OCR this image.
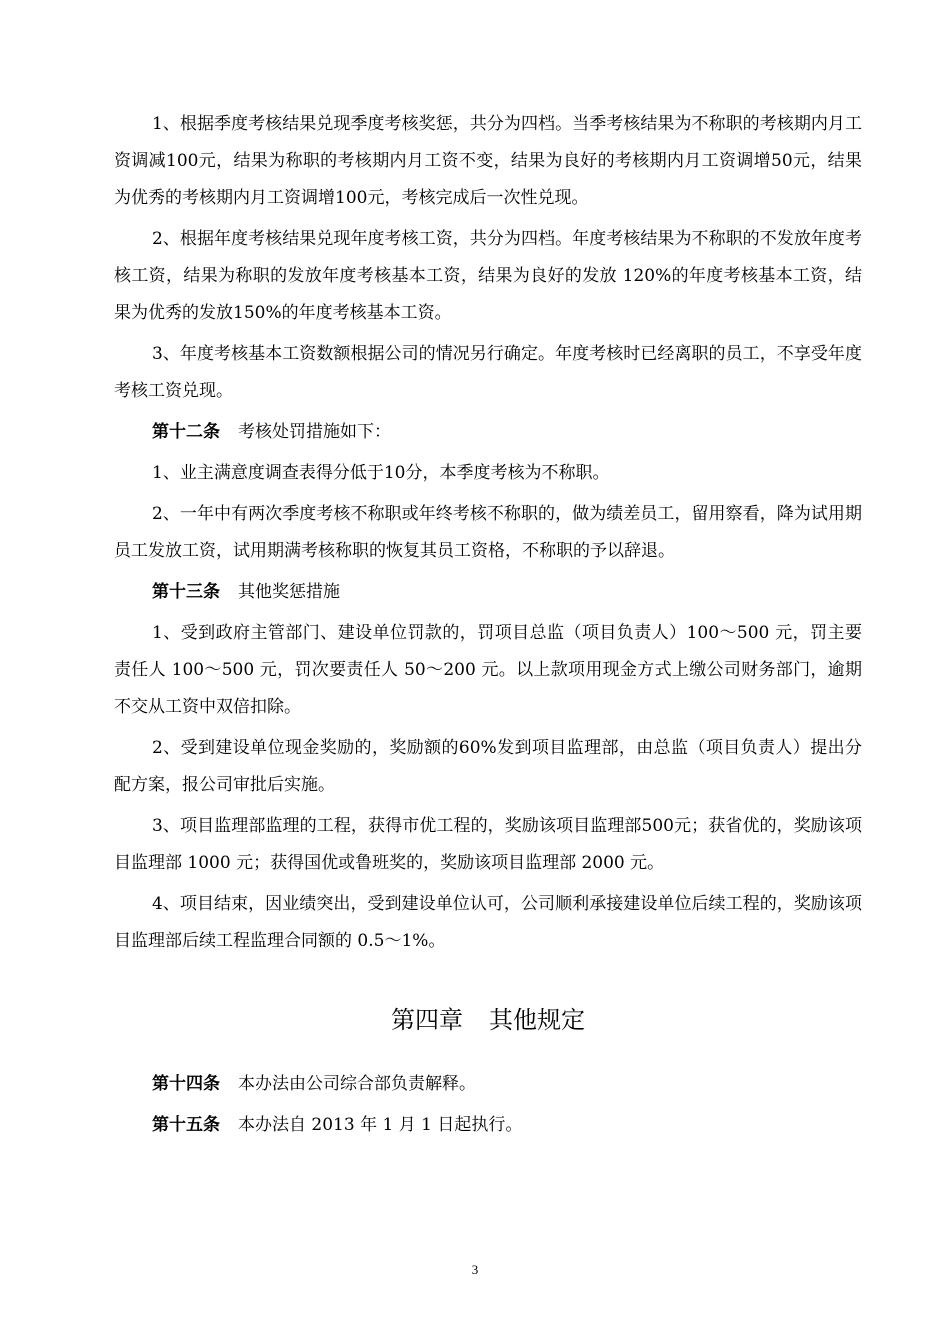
1、根据季度考核结果兑现季度考核奖惩，共分为四档。当季考核结果为不称职的考核期内月工资调减100元，结果为称职的考核期内月工资不变，结果为良好的考核期内月工资调增50元，结果为优秀的考核期内月工资调增100元，考核完成后一次性兑现。

2、根据年度考核结果兑现年度考核工资，共分为四档。年度考核结果为不称职的不发放年度考核工资，结果为称职的发放年度考核基本工资，结果为良好的发放 120%的年度考核基本工资，结果为优秀的发放150%的年度考核基本工资。

3、年度考核基本工资数额根据公司的情况另行确定。年度考核时已经离职的员工，不享受年度考核工资兑现。

第十二条 考核处罚措施如下：

1、业主满意度调查表得分低于10分，本季度考核为不称职。

2、一年中有两次季度考核不称职或年终考核不称职的，做为绩差员工，留用察看，降为试用期员工发放工资，试用期满考核称职的恢复其员工资格，不称职的予以辞退。

第十三条 其他奖惩措施

1、受到政府主管部门、建设单位罚款的，罚项目总监（项目负责人）100～500 元，罚主要责任人 100～500 元，罚次要责任人 50～200 元。以上款项用现金方式上缴公司财务部门，逾期不交从工资中双倍扣除。

2、受到建设单位现金奖励的，奖励额的60%发到项目监理部，由总监（项目负责人）提出分配方案，报公司审批后实施。

3、项目监理部监理的工程，获得市优工程的，奖励该项目监理部500元；获省优的，奖励该项目监理部 1000 元；获得国优或鲁班奖的，奖励该项目监理部 2000 元。

4、项目结束，因业绩突出，受到建设单位认可，公司顺利承接建设单位后续工程的，奖励该项目监理部后续工程监理合同额的 0.5～1%。

第四章 其他规定

第十四条 本办法由公司综合部负责解释。

第十五条 本办法自 2013 年 1 月 1 日起执行。

3
